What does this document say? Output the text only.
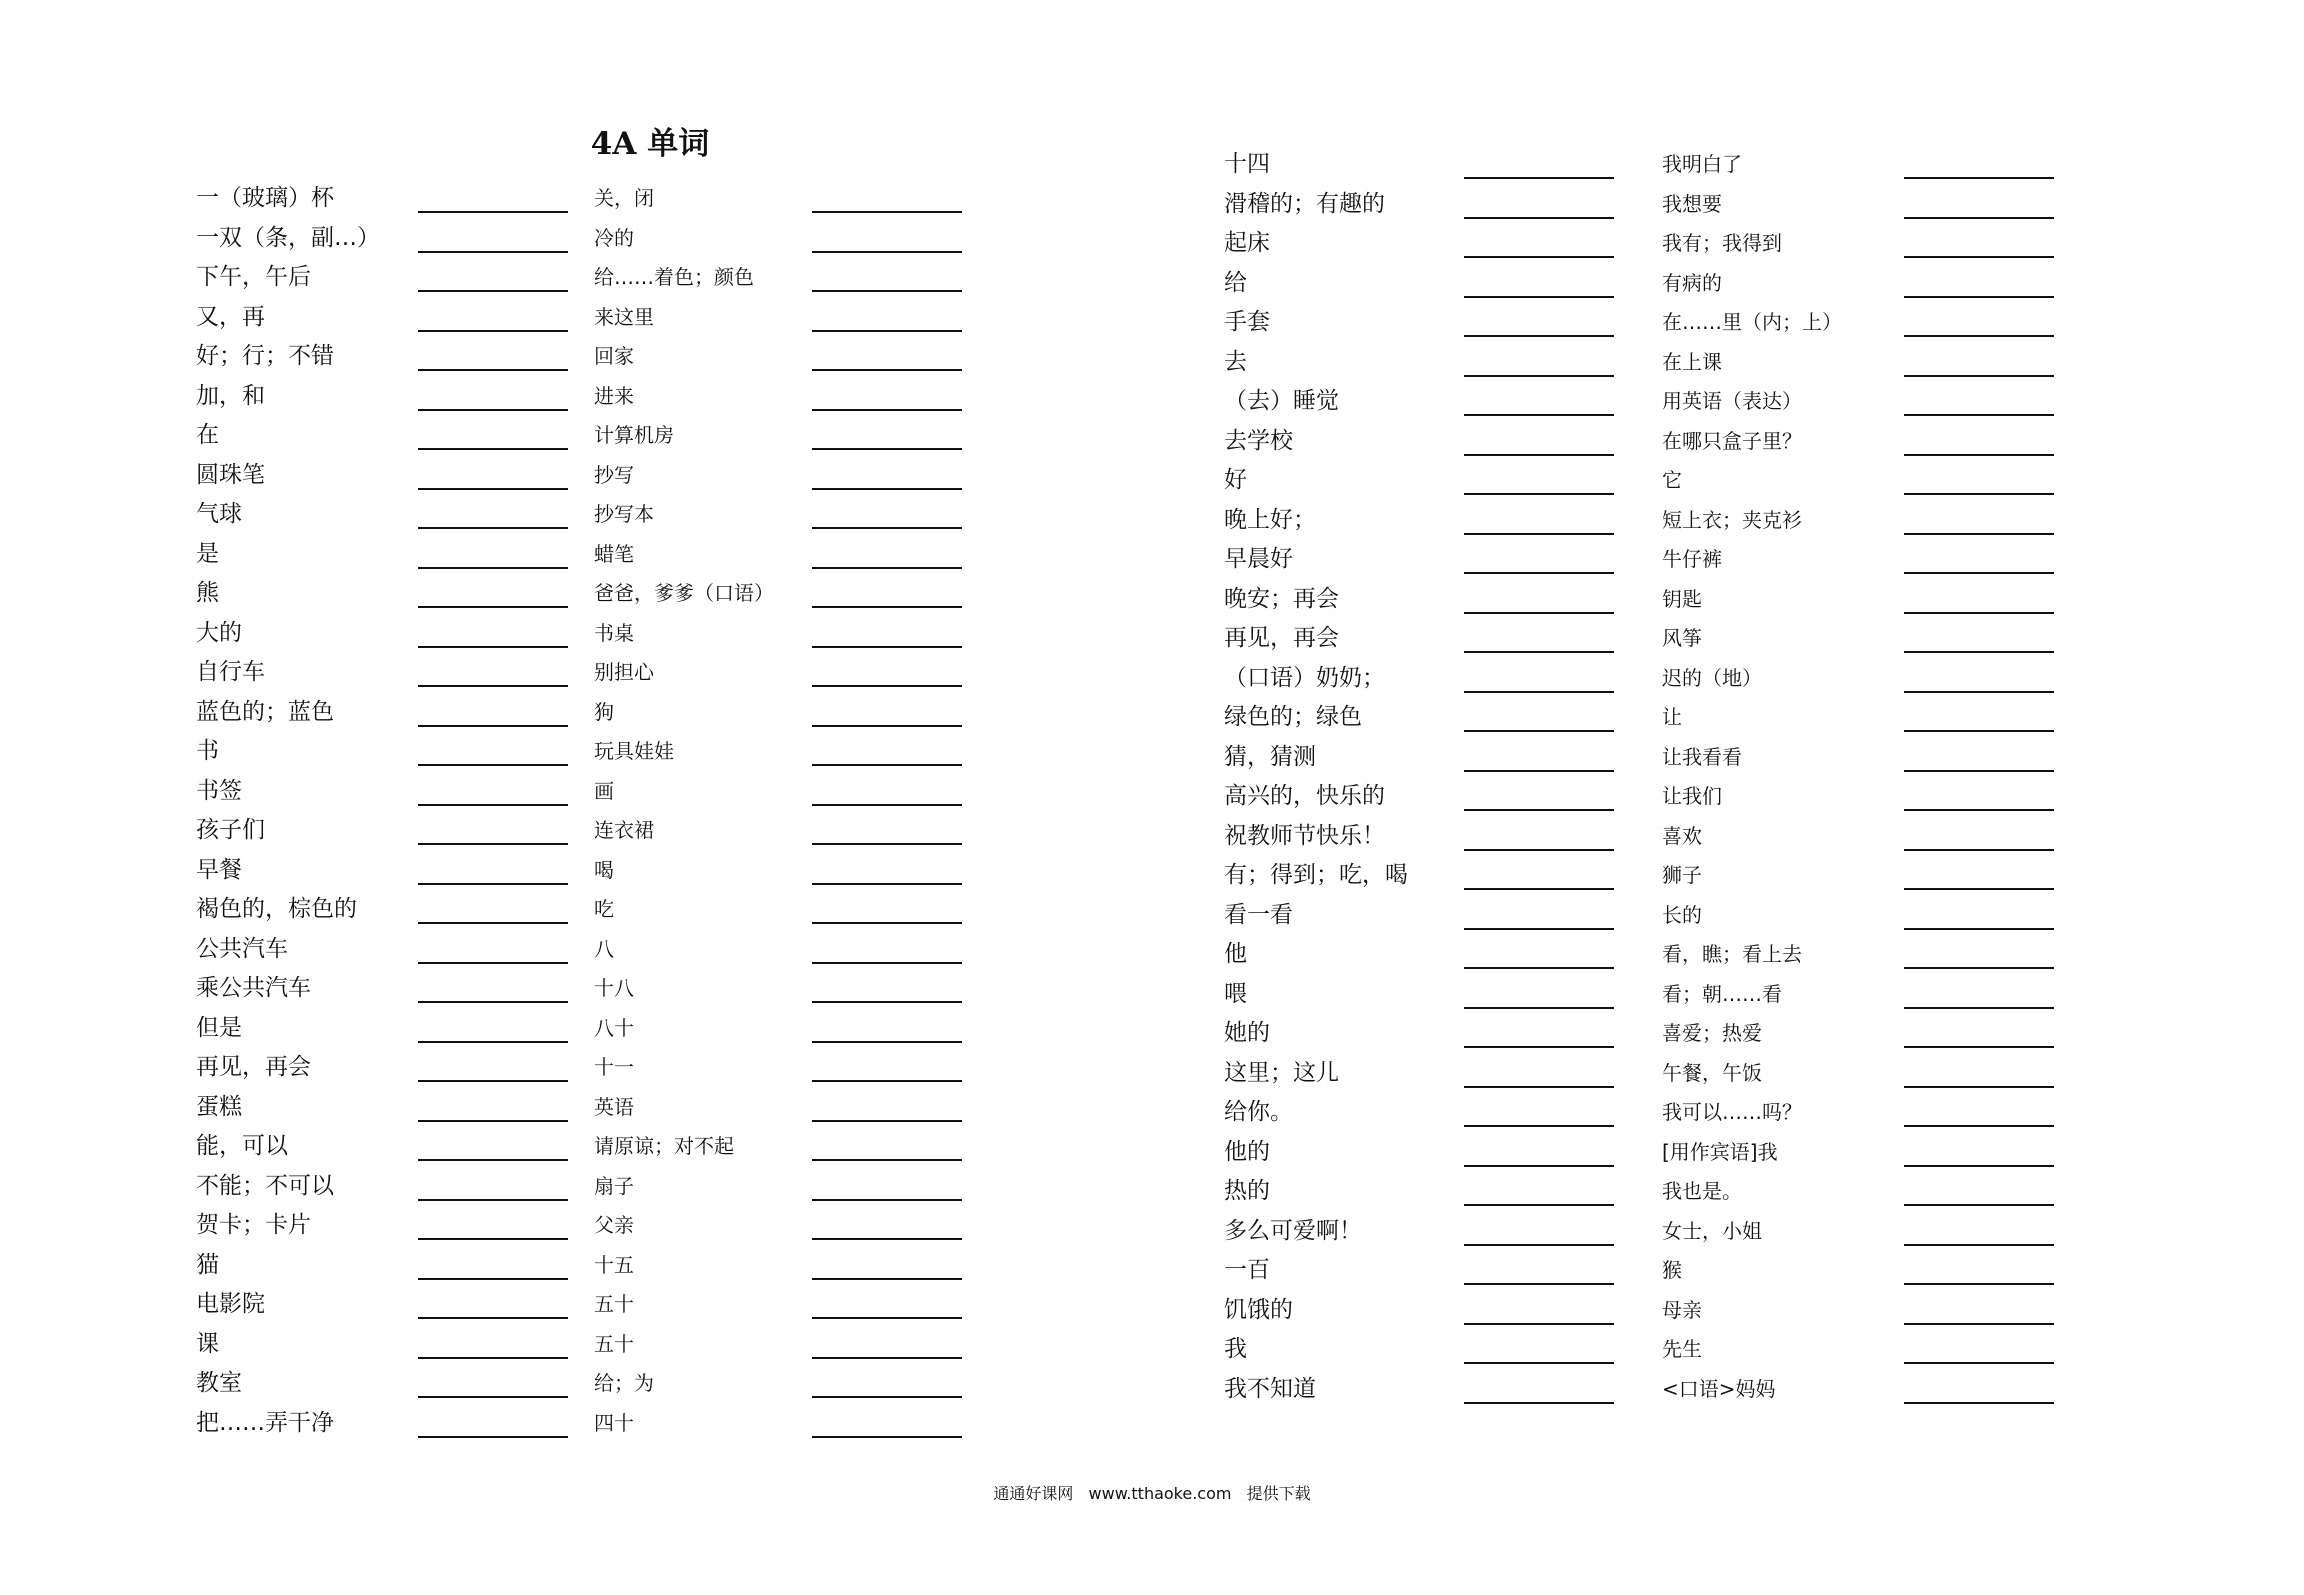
4A 单词
一（玻璃）杯
一双（条，副…）
下午，午后
又，再
好；行；不错
加，和
在
圆珠笔
气球
是
熊
大的
自行车
蓝色的；蓝色
书
书签
孩子们
早餐
褐色的，棕色的
公共汽车
乘公共汽车
但是
再见，再会
蛋糕
能，可以
不能；不可以
贺卡；卡片
猫
电影院
课
教室
把……弄干净
关，闭
冷的
给……着色；颜色
来这里
回家
进来
计算机房
抄写
抄写本
蜡笔
爸爸，爹爹（口语）
书桌
别担心
狗
玩具娃娃
画
连衣裙
喝
吃
八
十八
八十
十一
英语
请原谅；对不起
扇子
父亲
十五
五十
五十
给；为
四十
十四
滑稽的；有趣的
起床
给
手套
去
（去）睡觉
去学校
好
晚上好；
早晨好
晚安；再会
再见，再会
（口语）奶奶；
绿色的；绿色
猜，猜测
高兴的，快乐的
祝教师节快乐！
有；得到；吃，喝
看一看
他
喂
她的
这里；这儿
给你。
他的
热的
多么可爱啊！
一百
饥饿的
我
我不知道
我明白了
我想要
我有；我得到
有病的
在……里（内；上）
在上课
用英语（表达）
在哪只盒子里？
它
短上衣；夹克衫
牛仔裤
钥匙
风筝
迟的（地）
让
让我看看
让我们
喜欢
狮子
长的
看，瞧；看上去
看；朝……看
喜爱；热爱
午餐，午饭
我可以……吗？
[用作宾语]我
我也是。
女士，小姐
猴
母亲
先生
<口语>妈妈
通通好课网 www.tthaoke.com 提供下载
